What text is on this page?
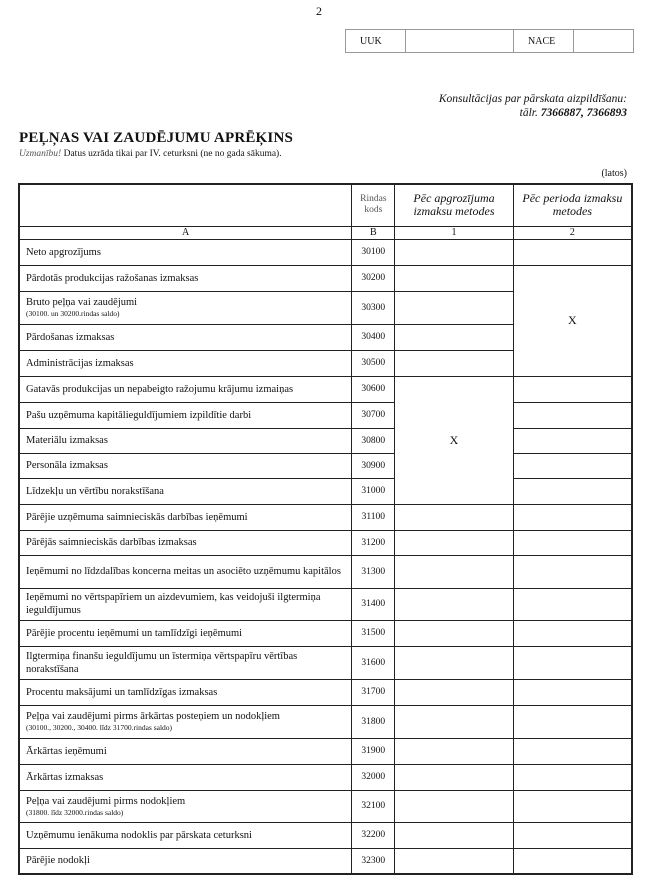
2
UUK		NACE	
Konsultācijas par pārskata aizpildīšanu:
tālr. 7366887, 7366893
PEĻŅAS VAI ZAUDĒJUMU APRĒĶINS
Uzmanību! Datus uzrāda tikai par IV. ceturksni (ne no gada sākuma).
(latos)
	Rindas kods	Pēc apgrozījuma izmaksu metodes	Pēc perioda izmaksu metodes
A	B	1	2
Neto apgrozījums	30100		
Pārdotās produkcijas ražošanas izmaksas	30200		X
Bruto peļņa vai zaudējumi
(30100. un 30200.rindas saldo)	30300		
Pārdošanas izmaksas	30400		
Administrācijas izmaksas	30500		
Gatavās produkcijas un nepabeigto ražojumu krājumu izmaiņas	30600	X	
Pašu uzņēmuma kapitālieguldījumiem izpildītie darbi	30700		
Materiālu izmaksas	30800		
Personāla izmaksas	30900		
Līdzekļu un vērtību norakstīšana	31000		
Pārējie uzņēmuma saimnieciskās darbības ieņēmumi	31100		
Pārējās saimnieciskās darbības izmaksas	31200		
Ieņēmumi no līdzdalības koncerna meitas un asociēto uzņēmumu kapitālos	31300		
Ieņēmumi no vērtspapīriem un aizdevumiem, kas veidojuši ilgtermiņa ieguldījumus	31400		
Pārējie procentu ieņēmumi un tamlīdzīgi ieņēmumi	31500		
Ilgtermiņa finanšu ieguldījumu un īstermiņa vērtspapīru vērtības norakstīšana	31600		
Procentu maksājumi un tamlīdzīgas izmaksas	31700		
Peļņa vai zaudējumi pirms ārkārtas posteņiem un nodokļiem
(30100., 30200., 30400. līdz 31700.rindas saldo)	31800		
Ārkārtas ieņēmumi	31900		
Ārkārtas izmaksas	32000		
Peļņa vai zaudējumi pirms nodokļiem
(31800. līdz 32000.rindas saldo)	32100		
Uzņēmumu ienākuma nodoklis par pārskata ceturksni	32200		
Pārējie nodokļi	32300		
